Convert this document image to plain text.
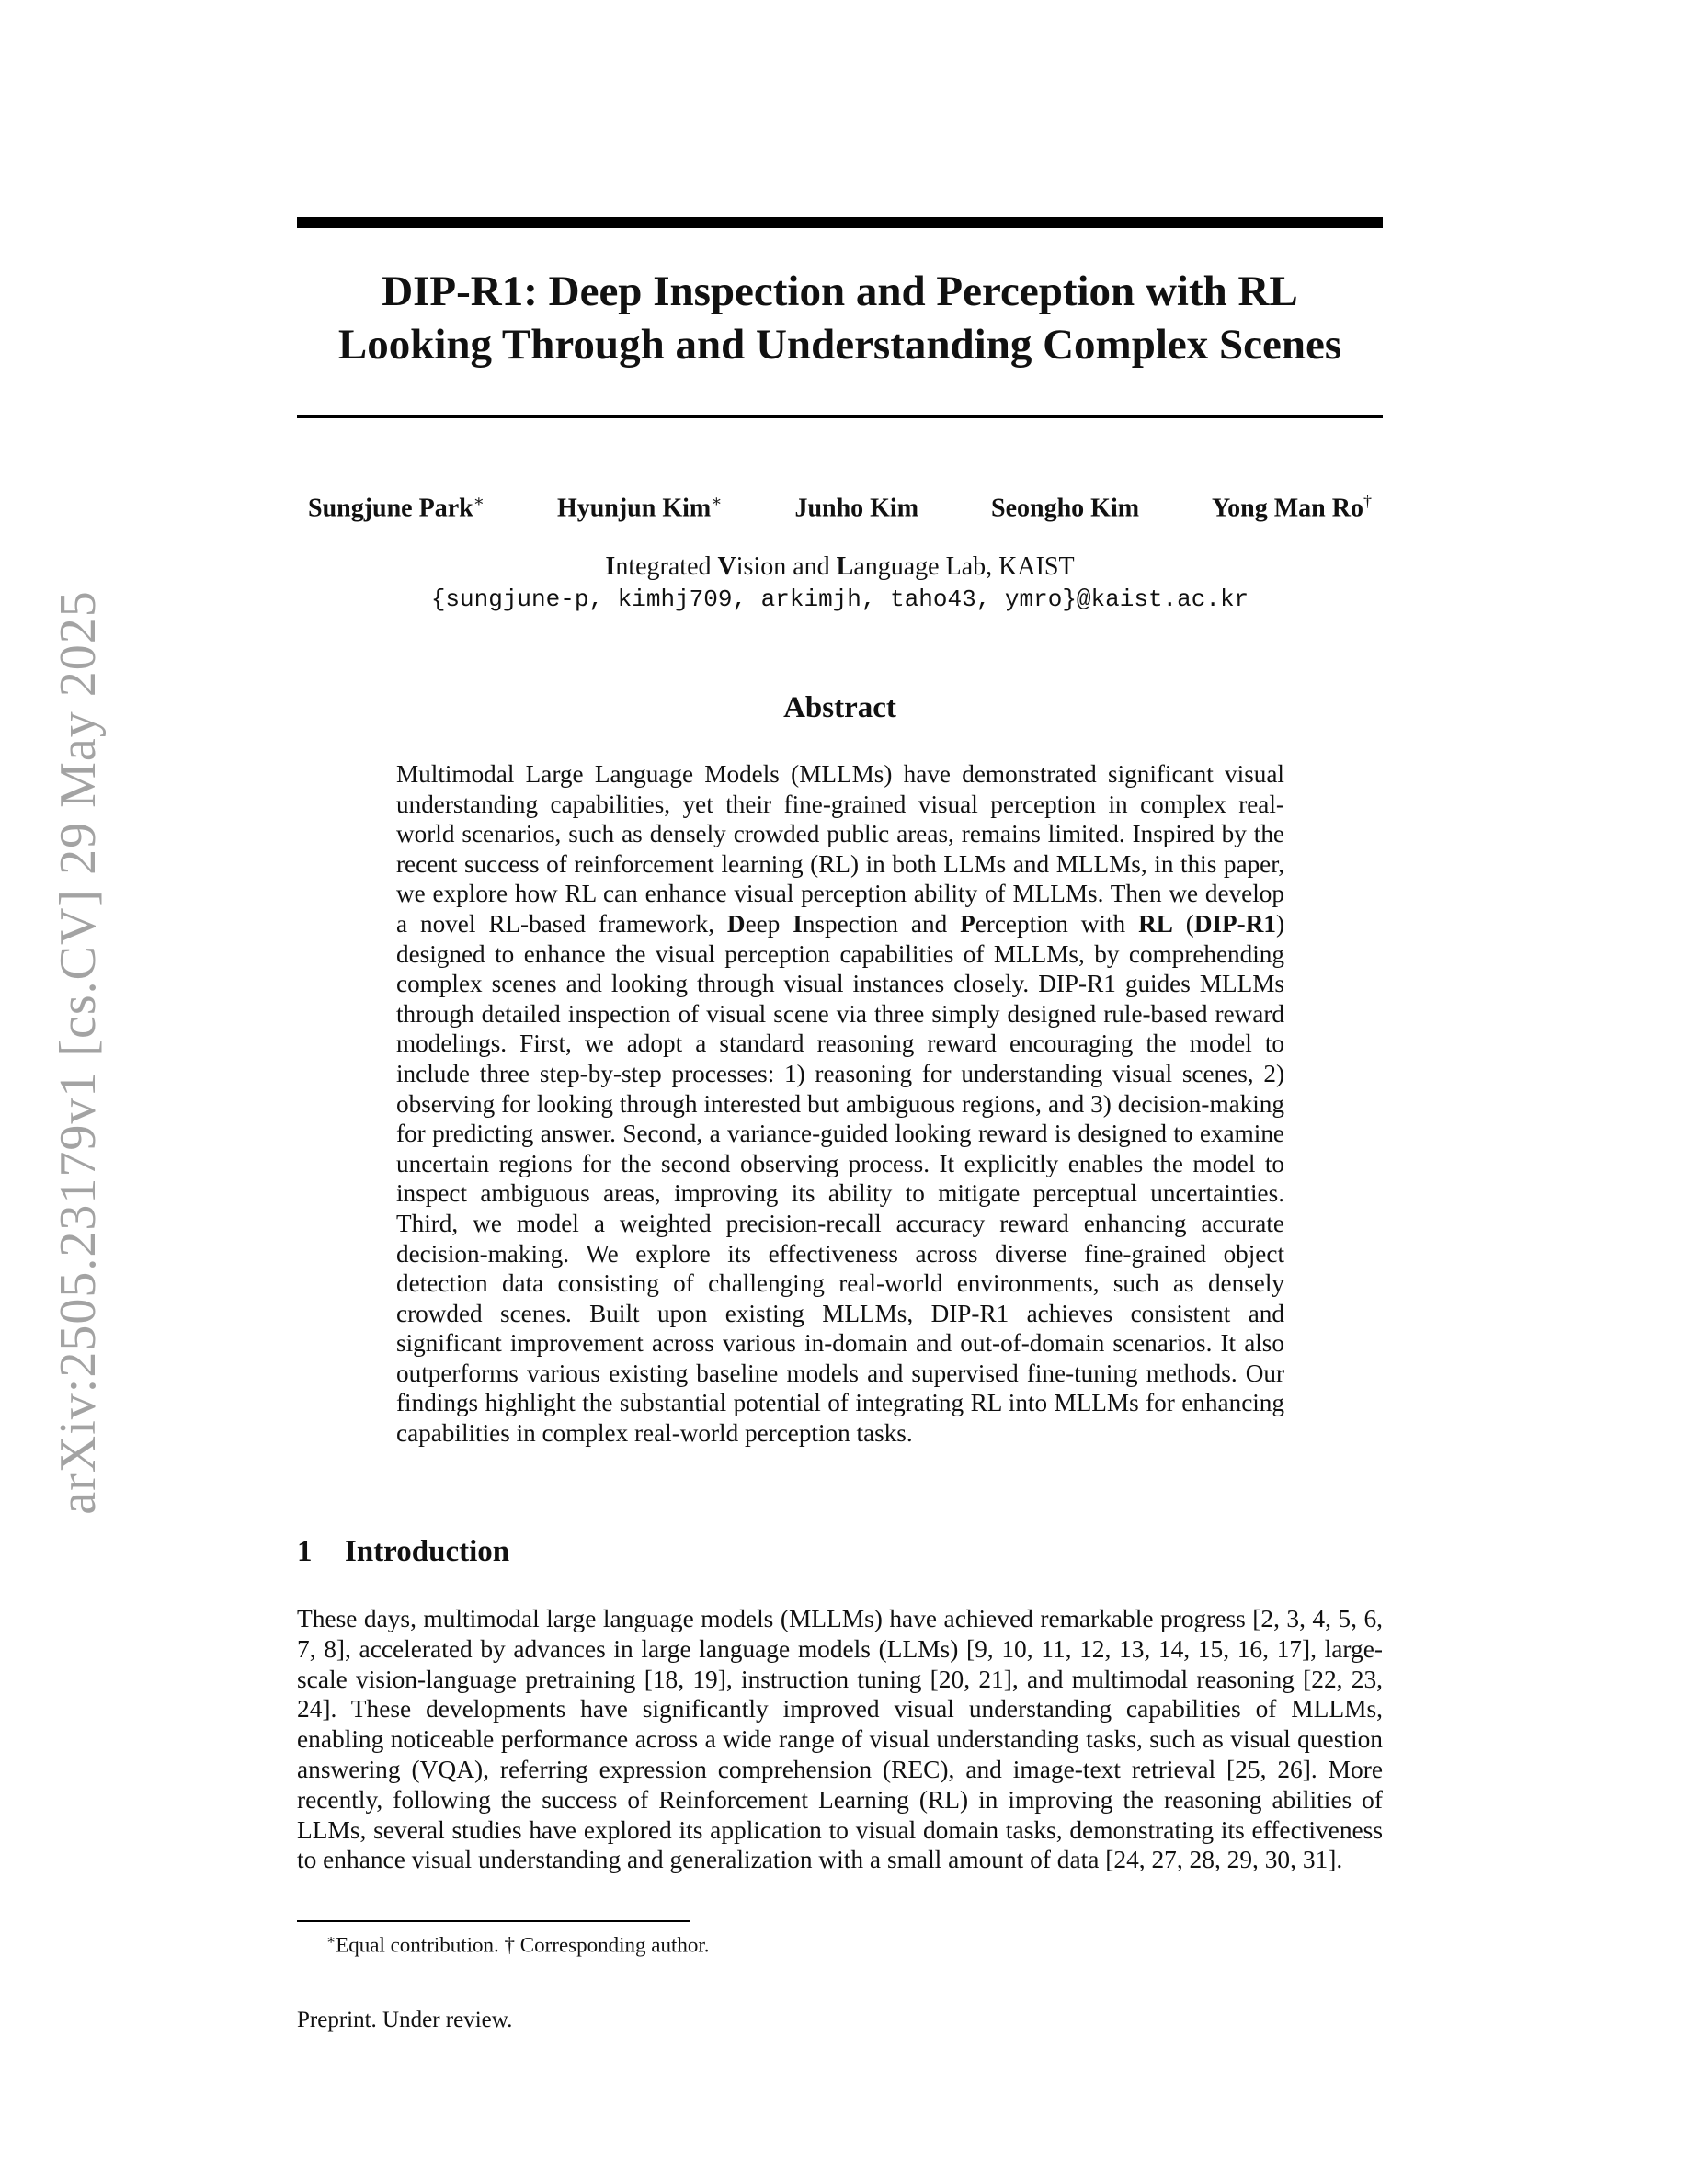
arXiv:2505.23179v1 [cs.CV] 29 May 2025
DIP-R1: Deep Inspection and Perception with RL
Looking Through and Understanding Complex Scenes
Sungjune Park∗	Hyunjun Kim∗	Junho Kim	Seongho Kim	Yong Man Ro†
Integrated Vision and Language Lab, KAIST
{sungjune-p, kimhj709, arkimjh, taho43, ymro}@kaist.ac.kr
Abstract

Multimodal Large Language Models (MLLMs) have demonstrated significant visual understanding capabilities, yet their fine-grained visual perception in complex real-world scenarios, such as densely crowded public areas, remains limited. Inspired by the recent success of reinforcement learning (RL) in both LLMs and MLLMs, in this paper, we explore how RL can enhance visual perception ability of MLLMs. Then we develop a novel RL-based framework, Deep Inspection and Perception with RL (DIP-R1) designed to enhance the visual perception capabilities of MLLMs, by comprehending complex scenes and looking through visual instances closely. DIP-R1 guides MLLMs through detailed inspection of visual scene via three simply designed rule-based reward modelings. First, we adopt a standard reasoning reward encouraging the model to include three step-by-step processes: 1) reasoning for understanding visual scenes, 2) observing for looking through interested but ambiguous regions, and 3) decision-making for predicting answer. Second, a variance-guided looking reward is designed to examine uncertain regions for the second observing process. It explicitly enables the model to inspect ambiguous areas, improving its ability to mitigate perceptual uncertainties. Third, we model a weighted precision-recall accuracy reward enhancing accurate decision-making. We explore its effectiveness across diverse fine-grained object detection data consisting of challenging real-world environments, such as densely crowded scenes. Built upon existing MLLMs, DIP-R1 achieves consistent and significant improvement across various in-domain and out-of-domain scenarios. It also outperforms various existing baseline models and supervised fine-tuning methods. Our findings highlight the substantial potential of integrating RL into MLLMs for enhancing capabilities in complex real-world perception tasks.

1 Introduction

These days, multimodal large language models (MLLMs) have achieved remarkable progress [2, 3, 4, 5, 6, 7, 8], accelerated by advances in large language models (LLMs) [9, 10, 11, 12, 13, 14, 15, 16, 17], large-scale vision-language pretraining [18, 19], instruction tuning [20, 21], and multimodal reasoning [22, 23, 24]. These developments have significantly improved visual understanding capabilities of MLLMs, enabling noticeable performance across a wide range of visual understanding tasks, such as visual question answering (VQA), referring expression comprehension (REC), and image-text retrieval [25, 26]. More recently, following the success of Reinforcement Learning (RL) in improving the reasoning abilities of LLMs, several studies have explored its application to visual domain tasks, demonstrating its effectiveness to enhance visual understanding and generalization with a small amount of data [24, 27, 28, 29, 30, 31].

∗Equal contribution. † Corresponding author.
Preprint. Under review.
